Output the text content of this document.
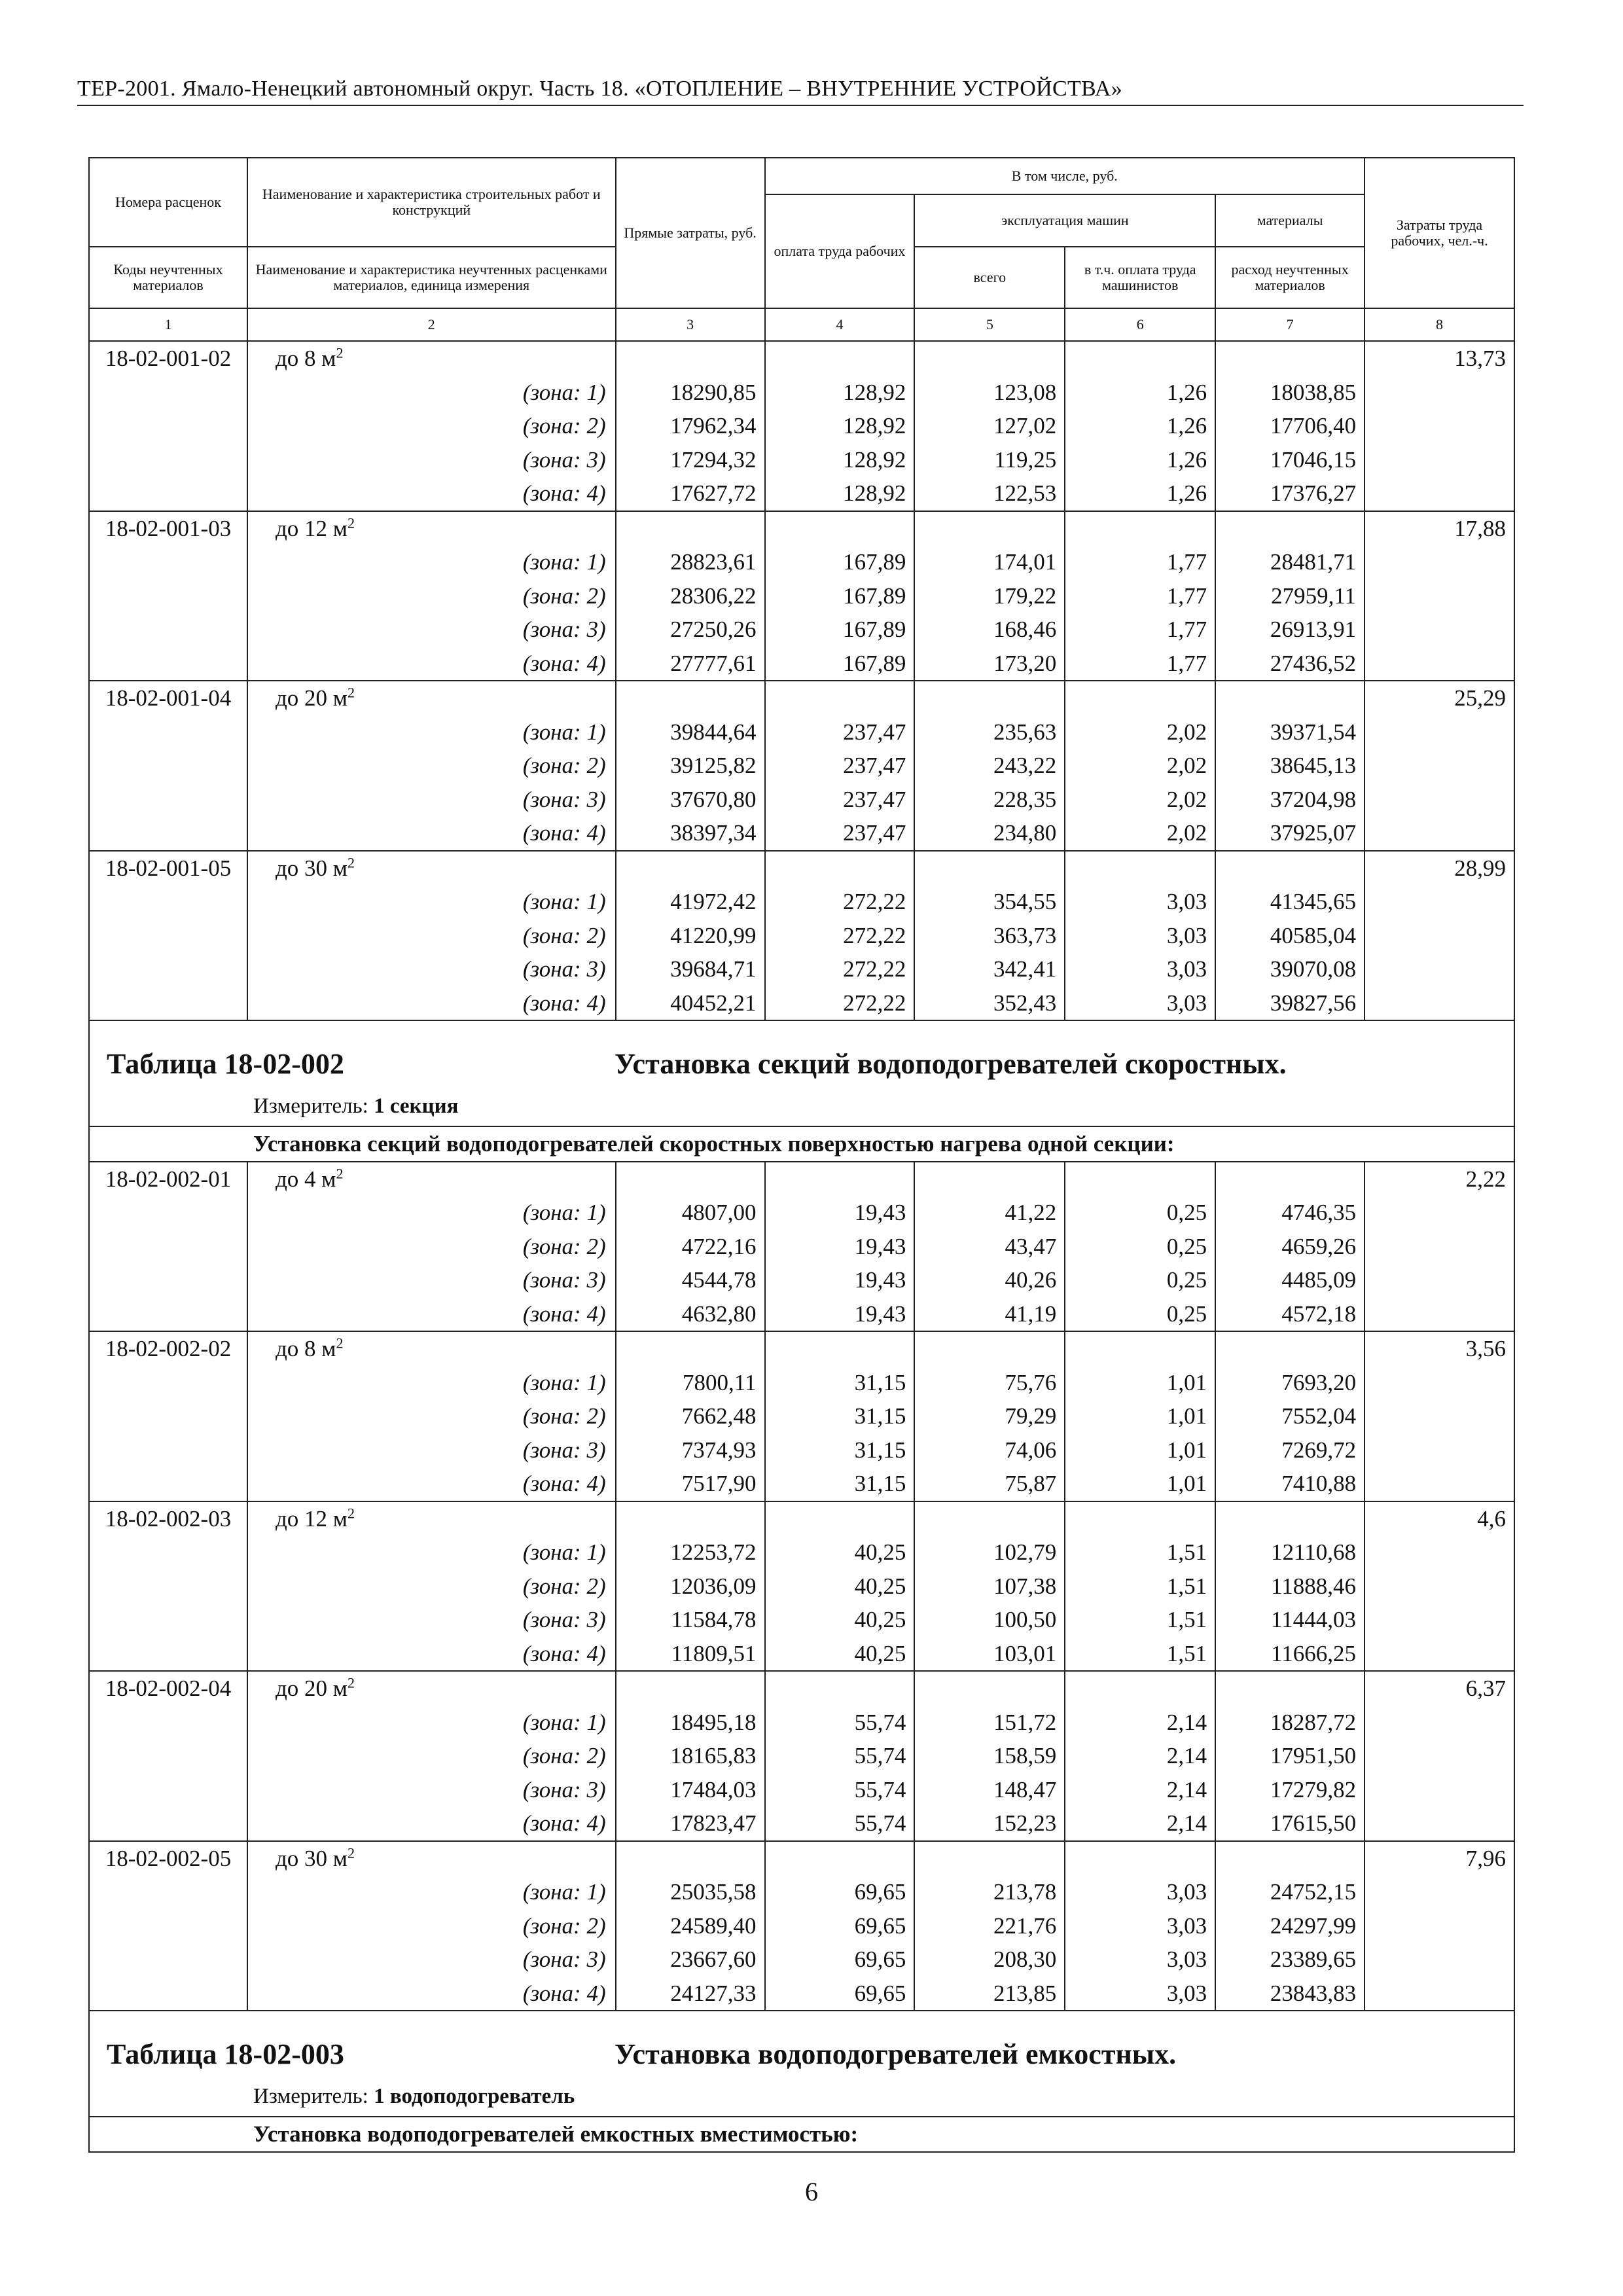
ТЕР-2001. Ямало-Ненецкий автономный округ. Часть 18. «ОТОПЛЕНИЕ – ВНУТРЕННИЕ УСТРОЙСТВА»
Номера расценок	Наименование и характеристика строительных работ и конструкций	Прямые затраты, руб.	В том числе, руб.				Затраты труда рабочих, чел.-ч.
			оплата труда рабочих	эксплуатация машин		материалы	
Коды неучтенных материалов	Наименование и характеристика неучтенных расценками материалов, единица измерения			всего	в т.ч. оплата труда машинистов	расход неучтенных материалов	
1	2	3	4	5	6	7	8
18-02-001-02	до 8 $м^2$						13,73
	(зона: 1)	18290,85	128,92	123,08	1,26	18038,85	
	(зона: 2)	17962,34	128,92	127,02	1,26	17706,40	
	(зона: 3)	17294,32	128,92	119,25	1,26	17046,15	
	(зона: 4)	17627,72	128,92	122,53	1,26	17376,27	
18-02-001-03	до 12 $м^2$						17,88
	(зона: 1)	28823,61	167,89	174,01	1,77	28481,71	
	(зона: 2)	28306,22	167,89	179,22	1,77	27959,11	
	(зона: 3)	27250,26	167,89	168,46	1,77	26913,91	
	(зона: 4)	27777,61	167,89	173,20	1,77	27436,52	
18-02-001-04	до 20 $м^2$						25,29
	(зона: 1)	39844,64	237,47	235,63	2,02	39371,54	
	(зона: 2)	39125,82	237,47	243,22	2,02	38645,13	
	(зона: 3)	37670,80	237,47	228,35	2,02	37204,98	
	(зона: 4)	38397,34	237,47	234,80	2,02	37925,07	
18-02-001-05	до 30 $м^2$						28,99
	(зона: 1)	41972,42	272,22	354,55	3,03	41345,65	
	(зона: 2)	41220,99	272,22	363,73	3,03	40585,04	
	(зона: 3)	39684,71	272,22	342,41	3,03	39070,08	
	(зона: 4)	40452,21	272,22	352,43	3,03	39827,56	

Таблица 18-02-002 Установка секций водоподогревателей скоростных.
Измеритель: 1 секция							

Установка секций водоподогревателей скоростных поверхностью нагрева одной секции:							
18-02-002-01	до 4 $м^2$						2,22
	(зона: 1)	4807,00	19,43	41,22	0,25	4746,35	
	(зона: 2)	4722,16	19,43	43,47	0,25	4659,26	
	(зона: 3)	4544,78	19,43	40,26	0,25	4485,09	
	(зона: 4)	4632,80	19,43	41,19	0,25	4572,18	
18-02-002-02	до 8 $м^2$						3,56
	(зона: 1)	7800,11	31,15	75,76	1,01	7693,20	
	(зона: 2)	7662,48	31,15	79,29	1,01	7552,04	
	(зона: 3)	7374,93	31,15	74,06	1,01	7269,72	
	(зона: 4)	7517,90	31,15	75,87	1,01	7410,88	
18-02-002-03	до 12 $м^2$						4,6
	(зона: 1)	12253,72	40,25	102,79	1,51	12110,68	
	(зона: 2)	12036,09	40,25	107,38	1,51	11888,46	
	(зона: 3)	11584,78	40,25	100,50	1,51	11444,03	
	(зона: 4)	11809,51	40,25	103,01	1,51	11666,25	
18-02-002-04	до 20 $м^2$						6,37
	(зона: 1)	18495,18	55,74	151,72	2,14	18287,72	
	(зона: 2)	18165,83	55,74	158,59	2,14	17951,50	
	(зона: 3)	17484,03	55,74	148,47	2,14	17279,82	
	(зона: 4)	17823,47	55,74	152,23	2,14	17615,50	
18-02-002-05	до 30 $м^2$						7,96
	(зона: 1)	25035,58	69,65	213,78	3,03	24752,15	
	(зона: 2)	24589,40	69,65	221,76	3,03	24297,99	
	(зона: 3)	23667,60	69,65	208,30	3,03	23389,65	
	(зона: 4)	24127,33	69,65	213,85	3,03	23843,83	

Таблица 18-02-003 Установка водоподогревателей емкостных.
Измеритель: 1 водоподогреватель							

Установка водоподогревателей емкостных вместимостью:							
6
